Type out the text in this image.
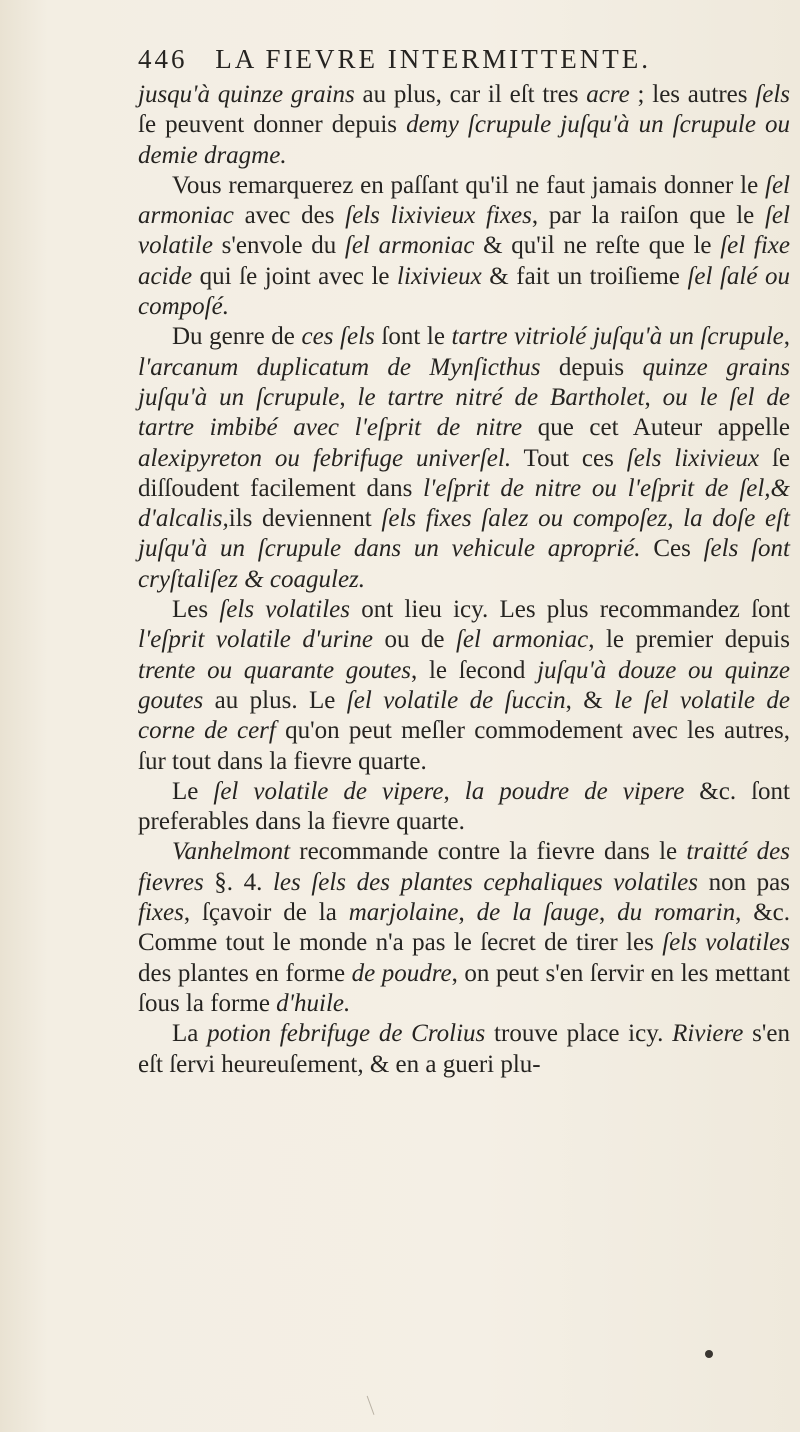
446 LA FIEVRE INTERMITTENTE.

jusqu'à quinze grains au plus, car il eſt tres acre ; les autres ſels ſe peuvent donner depuis demy ſcrupule juſqu'à un ſcrupule ou demie dragme.

Vous remarquerez en paſſant qu'il ne faut jamais donner le ſel armoniac avec des ſels lixivieux fixes, par la raiſon que le ſel volatile s'envole du ſel armoniac & qu'il ne reſte que le ſel fixe acide qui ſe joint avec le lixivieux & fait un troiſieme ſel ſalé ou compoſé.

Du genre de ces ſels ſont le tartre vitriolé juſqu'à un ſcrupule, l'arcanum duplicatum de Mynſicthus depuis quinze grains juſqu'à un ſcrupule, le tartre nitré de Bartholet, ou le ſel de tartre imbibé avec l'eſprit de nitre que cet Auteur appelle alexipyreton ou febrifuge univerſel. Tout ces ſels lixivieux ſe diſſoudent facilement dans l'eſprit de nitre ou l'eſprit de ſel,& d'alcalis,ils deviennent ſels fixes ſalez ou compoſez, la doſe eſt juſqu'à un ſcrupule dans un vehicule aproprié. Ces ſels ſont cryſtaliſez & coagulez.

Les ſels volatiles ont lieu icy. Les plus recommandez ſont l'eſprit volatile d'urine ou de ſel armoniac, le premier depuis trente ou quarante goutes, le ſecond juſqu'à douze ou quinze goutes au plus. Le ſel volatile de ſuccin, & le ſel volatile de corne de cerf qu'on peut meſler commodement avec les autres, ſur tout dans la fievre quarte.

Le ſel volatile de vipere, la poudre de vipere &c. ſont preferables dans la fievre quarte.

Vanhelmont recommande contre la fievre dans le traitté des fievres §. 4. les ſels des plantes cephaliques volatiles non pas fixes, ſçavoir de la marjolaine, de la ſauge, du romarin, &c. Comme tout le monde n'a pas le ſecret de tirer les ſels volatiles des plantes en forme de poudre, on peut s'en ſervir en les mettant ſous la forme d'huile.

La potion febrifuge de Crolius trouve place icy. Riviere s'en eſt ſervi heureuſement, & en a gueri plu-
